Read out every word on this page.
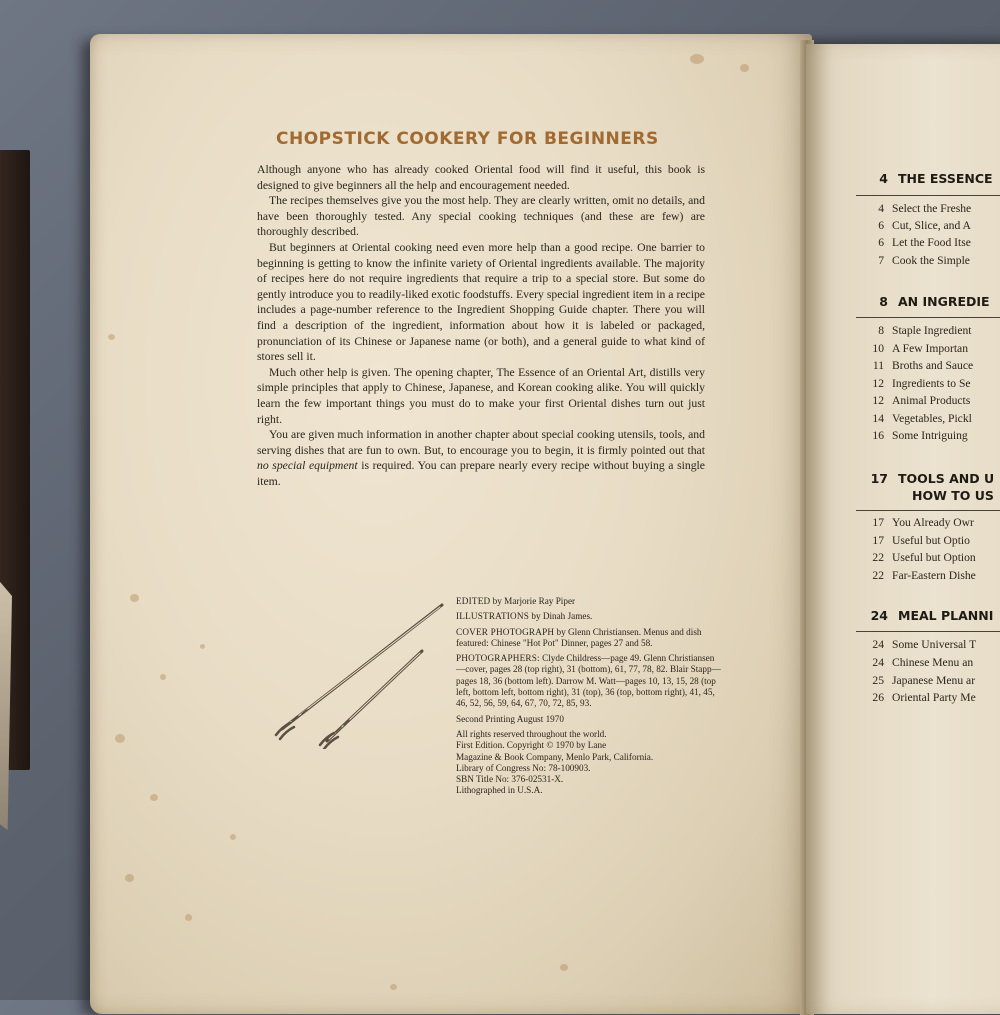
CHOPSTICK COOKERY FOR BEGINNERS

Although anyone who has already cooked Oriental food will find it useful, this book is designed to give beginners all the help and encouragement needed.

The recipes themselves give you the most help. They are clearly written, omit no details, and have been thoroughly tested. Any special cooking techniques (and these are few) are thoroughly described.

But beginners at Oriental cooking need even more help than a good recipe. One barrier to beginning is getting to know the infinite variety of Oriental ingredients available. The majority of recipes here do not require ingredients that require a trip to a special store. But some do gently introduce you to readily-liked exotic foodstuffs. Every special ingredient item in a recipe includes a page-number reference to the Ingredient Shopping Guide chapter. There you will find a description of the ingredient, information about how it is labeled or packaged, pronunciation of its Chinese or Japanese name (or both), and a general guide to what kind of stores sell it.

Much other help is given. The opening chapter, The Essence of an Oriental Art, distills very simple principles that apply to Chinese, Japanese, and Korean cooking alike. You will quickly learn the few important things you must do to make your first Oriental dishes turn out just right.

You are given much information in another chapter about special cooking utensils, tools, and serving dishes that are fun to own. But, to encourage you to begin, it is firmly pointed out that no special equipment is required. You can prepare nearly every recipe without buying a single item.

EDITED by Marjorie Ray Piper

ILLUSTRATIONS by Dinah James.

COVER PHOTOGRAPH by Glenn Christiansen. Menus and dish featured: Chinese "Hot Pot" Dinner, pages 27 and 58.

PHOTOGRAPHERS: Clyde Childress—page 49. Glenn Christiansen—cover, pages 28 (top right), 31 (bottom), 61, 77, 78, 82. Blair Stapp—pages 18, 36 (bottom left). Darrow M. Watt—pages 10, 13, 15, 28 (top left, bottom left, bottom right), 31 (top), 36 (top, bottom right), 41, 45, 46, 52, 56, 59, 64, 67, 70, 72, 85, 93.

Second Printing August 1970

All rights reserved throughout the world.
First Edition. Copyright © 1970 by Lane
Magazine & Book Company, Menlo Park, California.
Library of Congress No: 78-100903.
SBN Title No: 376-02531-X.
Lithographed in U.S.A.
4 THE ESSENCE
4 Select the Freshe
6 Cut, Slice, and A
6 Let the Food Itse
7 Cook the Simple
8 AN INGREDIE
8 Staple Ingredient
10 A Few Importan
11 Broths and Sauce
12 Ingredients to Se
12 Animal Products
14 Vegetables, Pickl
16 Some Intriguing
17 TOOLS AND U
HOW TO US
17 You Already Owr
17 Useful but Optio
22 Useful but Option
22 Far-Eastern Dishe
24 MEAL PLANNI
24 Some Universal T
24 Chinese Menu an
25 Japanese Menu ar
26 Oriental Party Me
